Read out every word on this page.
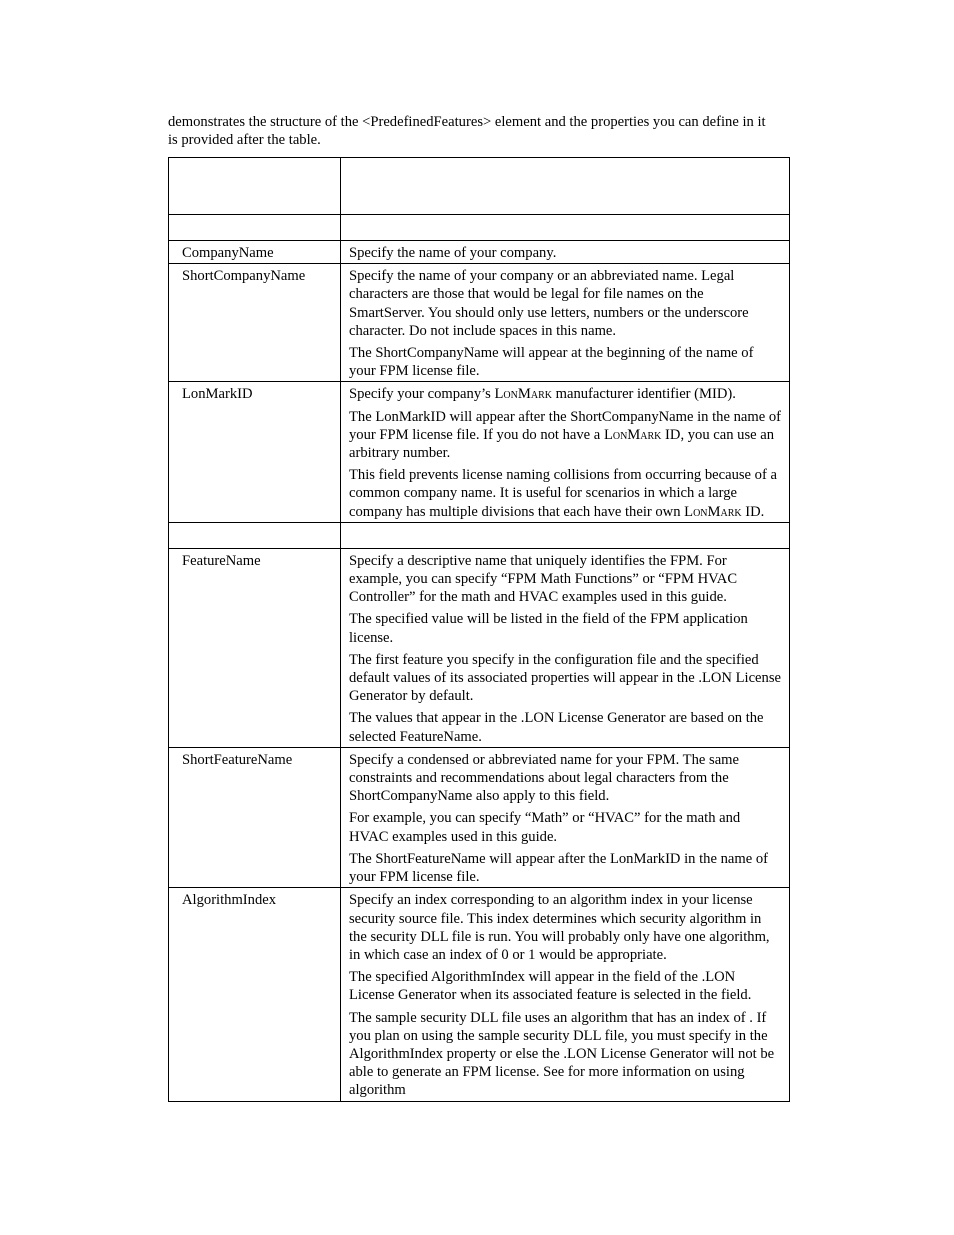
demonstrates the structure of the <PredefinedFeatures> element and the properties you can define in it
is provided after the table.

CompanyName	Specify the name of your company.

ShortCompanyName	Specify the name of your company or an abbreviated name. Legal characters are those that would be legal for file names on the SmartServer. You should only use letters, numbers or the underscore character. Do not include spaces in this name.

The ShortCompanyName will appear at the beginning of the name of your FPM license file.

LonMarkID	Specify your company’s LonMark manufacturer identifier (MID).

The LonMarkID will appear after the ShortCompanyName in the name of your FPM license file. If you do not have a LonMark ID, you can use an arbitrary number.

This field prevents license naming collisions from occurring because of a common company name. It is useful for scenarios in which a large company has multiple divisions that each have their own LonMark ID.

FeatureName	Specify a descriptive name that uniquely identifies the FPM. For example, you can specify “FPM Math Functions” or “FPM HVAC Controller” for the math and HVAC examples used in this guide.

The specified value will be listed in the field of the FPM application license.

The first feature you specify in the configuration file and the specified default values of its associated properties will appear in the .LON License Generator by default.

The values that appear in the .LON License Generator are based on the selected FeatureName.

ShortFeatureName	Specify a condensed or abbreviated name for your FPM. The same constraints and recommendations about legal characters from the ShortCompanyName also apply to this field.

For example, you can specify “Math” or “HVAC” for the math and HVAC examples used in this guide.

The ShortFeatureName will appear after the LonMarkID in the name of your FPM license file.

AlgorithmIndex	Specify an index corresponding to an algorithm index in your license security source file. This index determines which security algorithm in the security DLL file is run. You will probably only have one algorithm, in which case an index of 0 or 1 would be appropriate.

The specified AlgorithmIndex will appear in the field of the .LON License Generator when its associated feature is selected in the field.

The sample security DLL file uses an algorithm that has an index of . If you plan on using the sample security DLL file, you must specify in the AlgorithmIndex property or else the .LON License Generator will not be able to generate an FPM license. See for more information on using algorithm
